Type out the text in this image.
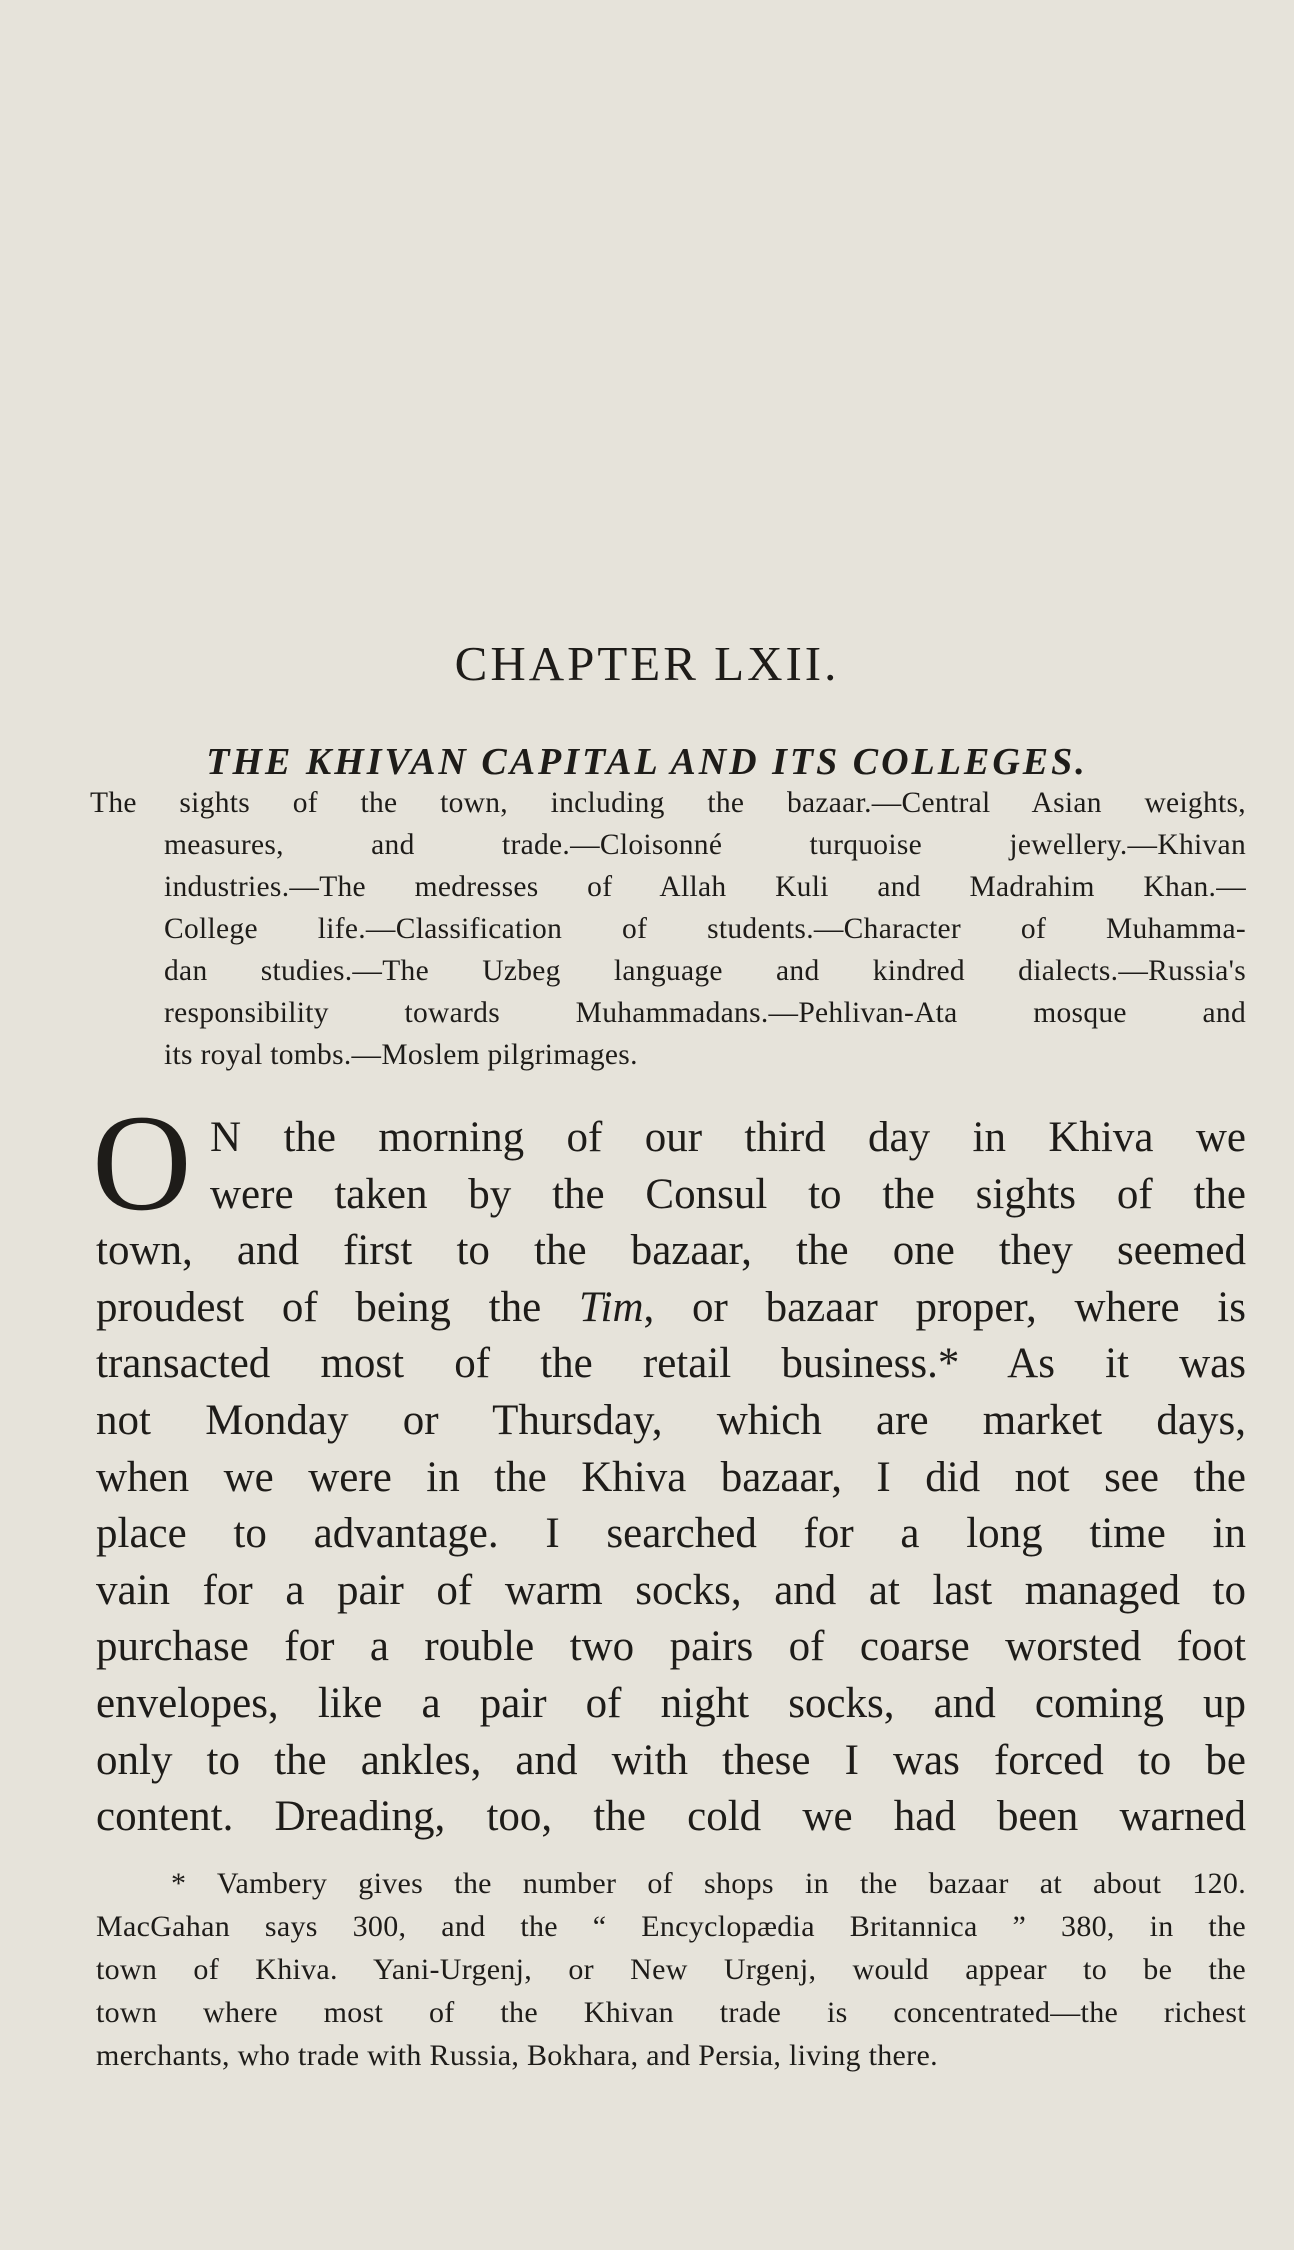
CHAPTER LXII.
THE KHIVAN CAPITAL AND ITS COLLEGES.
The sights of the town, including the bazaar.—Central Asian weights,
measures, and trade.—Cloisonné turquoise jewellery.—Khivan
industries.—The medresses of Allah Kuli and Madrahim Khan.—
College life.—Classification of students.—Character of Muhamma-
dan studies.—The Uzbeg language and kindred dialects.—Russia's
responsibility towards Muhammadans.—Pehlivan-Ata mosque and
its royal tombs.—Moslem pilgrimages.
O N the morning of our third day in Khiva we
were taken by the Consul to the sights of the
town, and first to the bazaar, the one they seemed
proudest of being the Tim, or bazaar proper, where is
transacted most of the retail business.* As it was
not Monday or Thursday, which are market days,
when we were in the Khiva bazaar, I did not see the
place to advantage. I searched for a long time in
vain for a pair of warm socks, and at last managed to
purchase for a rouble two pairs of coarse worsted foot
envelopes, like a pair of night socks, and coming up
only to the ankles, and with these I was forced to be
content. Dreading, too, the cold we had been warned
* Vambery gives the number of shops in the bazaar at about 120.
MacGahan says 300, and the “ Encyclopædia Britannica ” 380, in the
town of Khiva. Yani-Urgenj, or New Urgenj, would appear to be the
town where most of the Khivan trade is concentrated—the richest
merchants, who trade with Russia, Bokhara, and Persia, living there.
